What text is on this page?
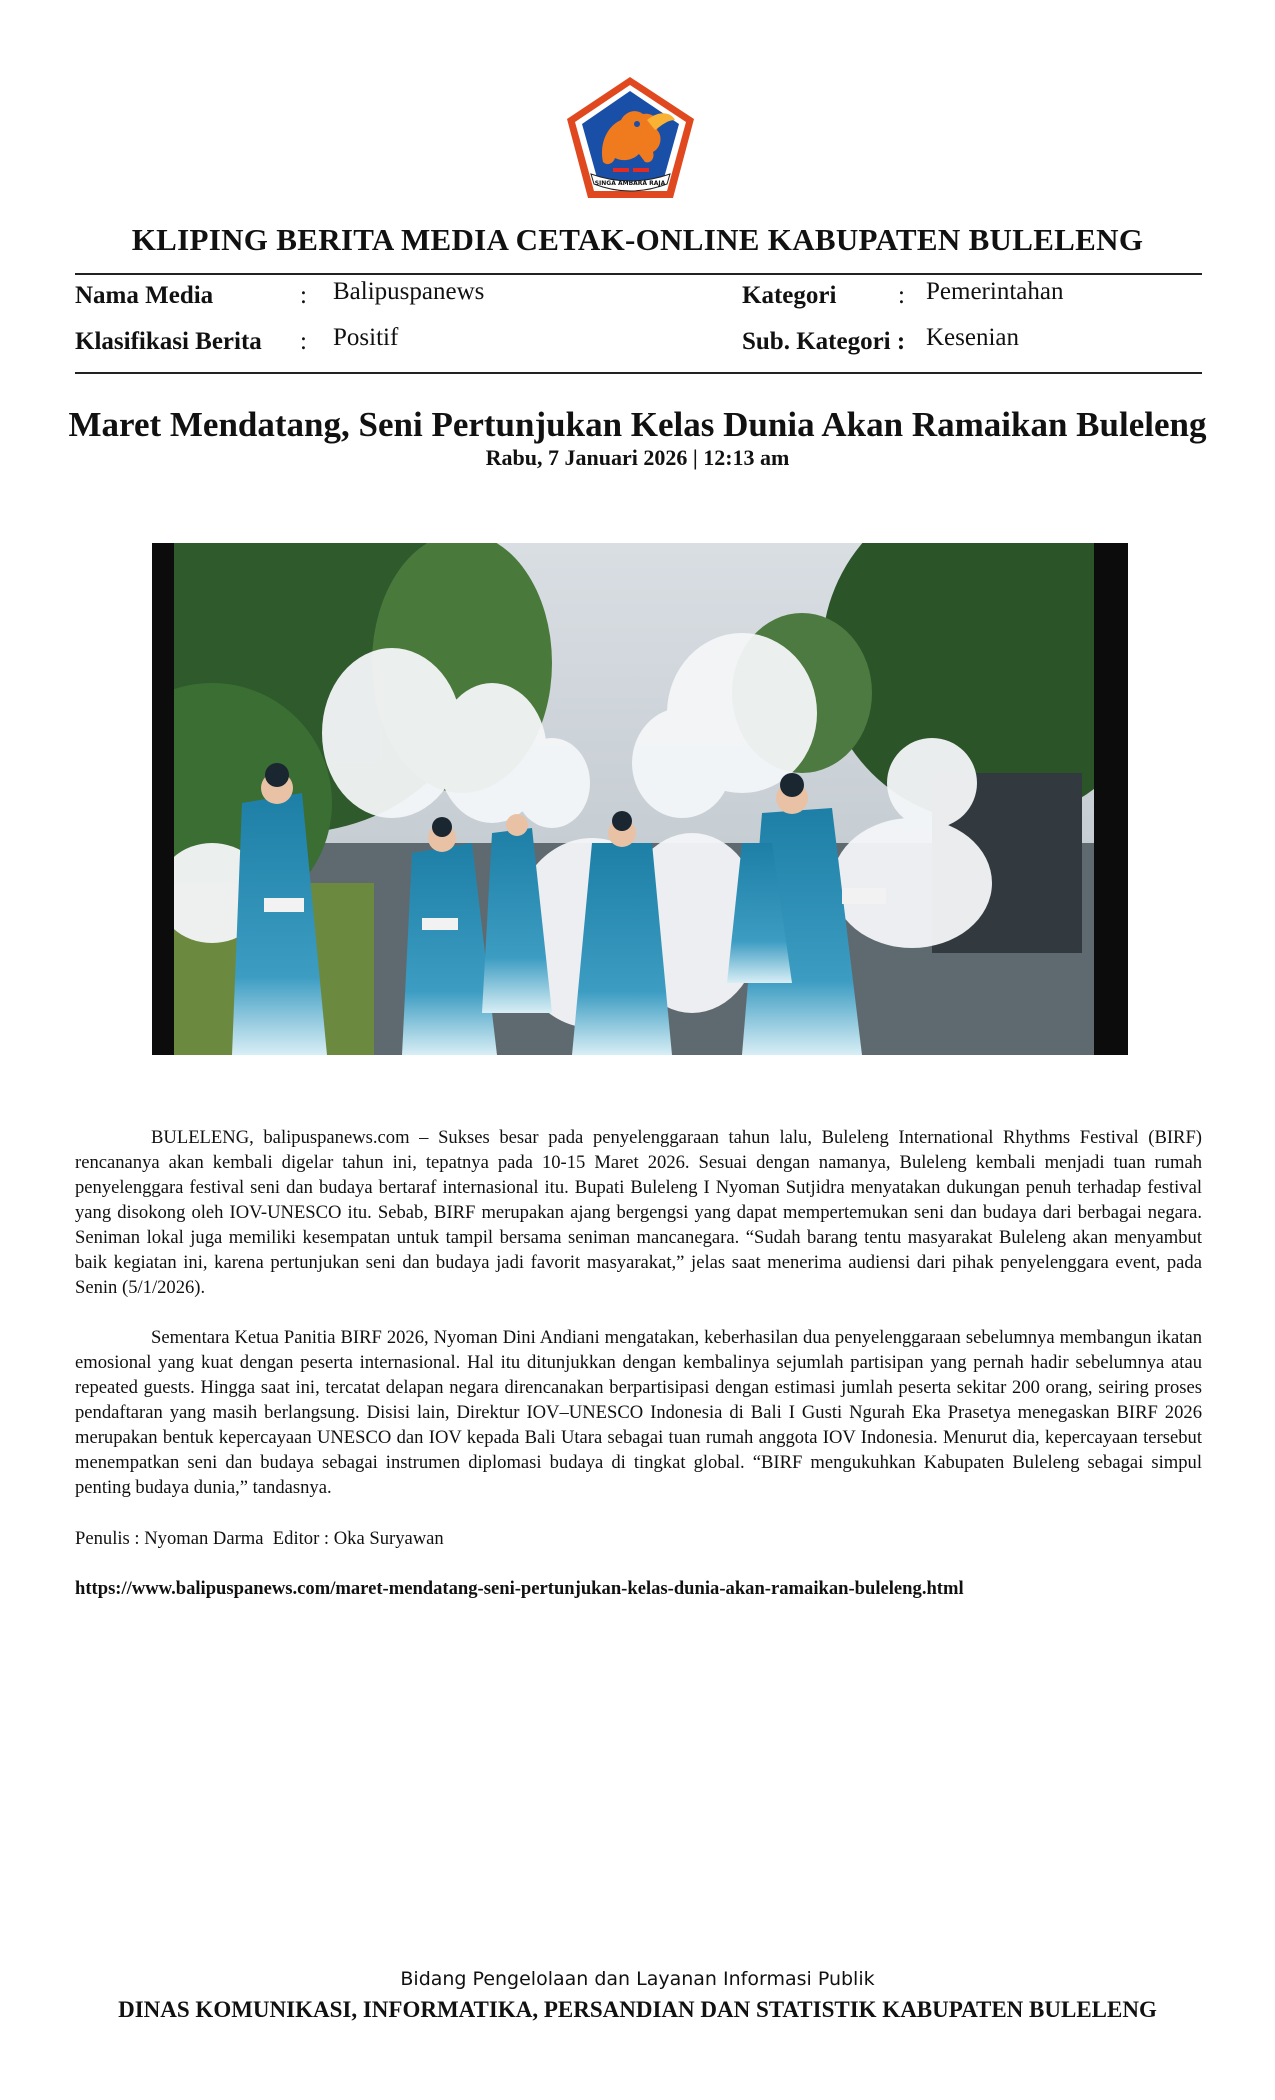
SINGA AMBARA RAJA
KLIPING BERITA MEDIA CETAK-ONLINE KABUPATEN BULELENG
Nama Media	: Balipuspanews	Kategori : Pemerintahan
Klasifikasi Berita : Positif	Sub. Kategori : Kesenian
Maret Mendatang, Seni Pertunjukan Kelas Dunia Akan Ramaikan Buleleng
Rabu, 7 Januari 2026 | 12:13 am

BULELENG, balipuspanews.com – Sukses besar pada penyelenggaraan tahun lalu, Buleleng International Rhythms Festival (BIRF) rencananya akan kembali digelar tahun ini, tepatnya pada 10-15 Maret 2026. Sesuai dengan namanya, Buleleng kembali menjadi tuan rumah penyelenggara festival seni dan budaya bertaraf internasional itu. Bupati Buleleng I Nyoman Sutjidra menyatakan dukungan penuh terhadap festival yang disokong oleh IOV-UNESCO itu. Sebab, BIRF merupakan ajang bergengsi yang dapat mempertemukan seni dan budaya dari berbagai negara. Seniman lokal juga memiliki kesempatan untuk tampil bersama seniman mancanegara. “Sudah barang tentu masyarakat Buleleng akan menyambut baik kegiatan ini, karena pertunjukan seni dan budaya jadi favorit masyarakat,” jelas saat menerima audiensi dari pihak penyelenggara event, pada Senin (5/1/2026).

Sementara Ketua Panitia BIRF 2026, Nyoman Dini Andiani mengatakan, keberhasilan dua penyelenggaraan sebelumnya membangun ikatan emosional yang kuat dengan peserta internasional. Hal itu ditunjukkan dengan kembalinya sejumlah partisipan yang pernah hadir sebelumnya atau repeated guests. Hingga saat ini, tercatat delapan negara direncanakan berpartisipasi dengan estimasi jumlah peserta sekitar 200 orang, seiring proses pendaftaran yang masih berlangsung. Disisi lain, Direktur IOV–UNESCO Indonesia di Bali I Gusti Ngurah Eka Prasetya menegaskan BIRF 2026 merupakan bentuk kepercayaan UNESCO dan IOV kepada Bali Utara sebagai tuan rumah anggota IOV Indonesia. Menurut dia, kepercayaan tersebut menempatkan seni dan budaya sebagai instrumen diplomasi budaya di tingkat global. “BIRF mengukuhkan Kabupaten Buleleng sebagai simpul penting budaya dunia,” tandasnya.

Penulis : Nyoman Darma Editor : Oka Suryawan
https://www.balipuspanews.com/maret-mendatang-seni-pertunjukan-kelas-dunia-akan-ramaikan-buleleng.html
Bidang Pengelolaan dan Layanan Informasi Publik
DINAS KOMUNIKASI, INFORMATIKA, PERSANDIAN DAN STATISTIK KABUPATEN BULELENG
